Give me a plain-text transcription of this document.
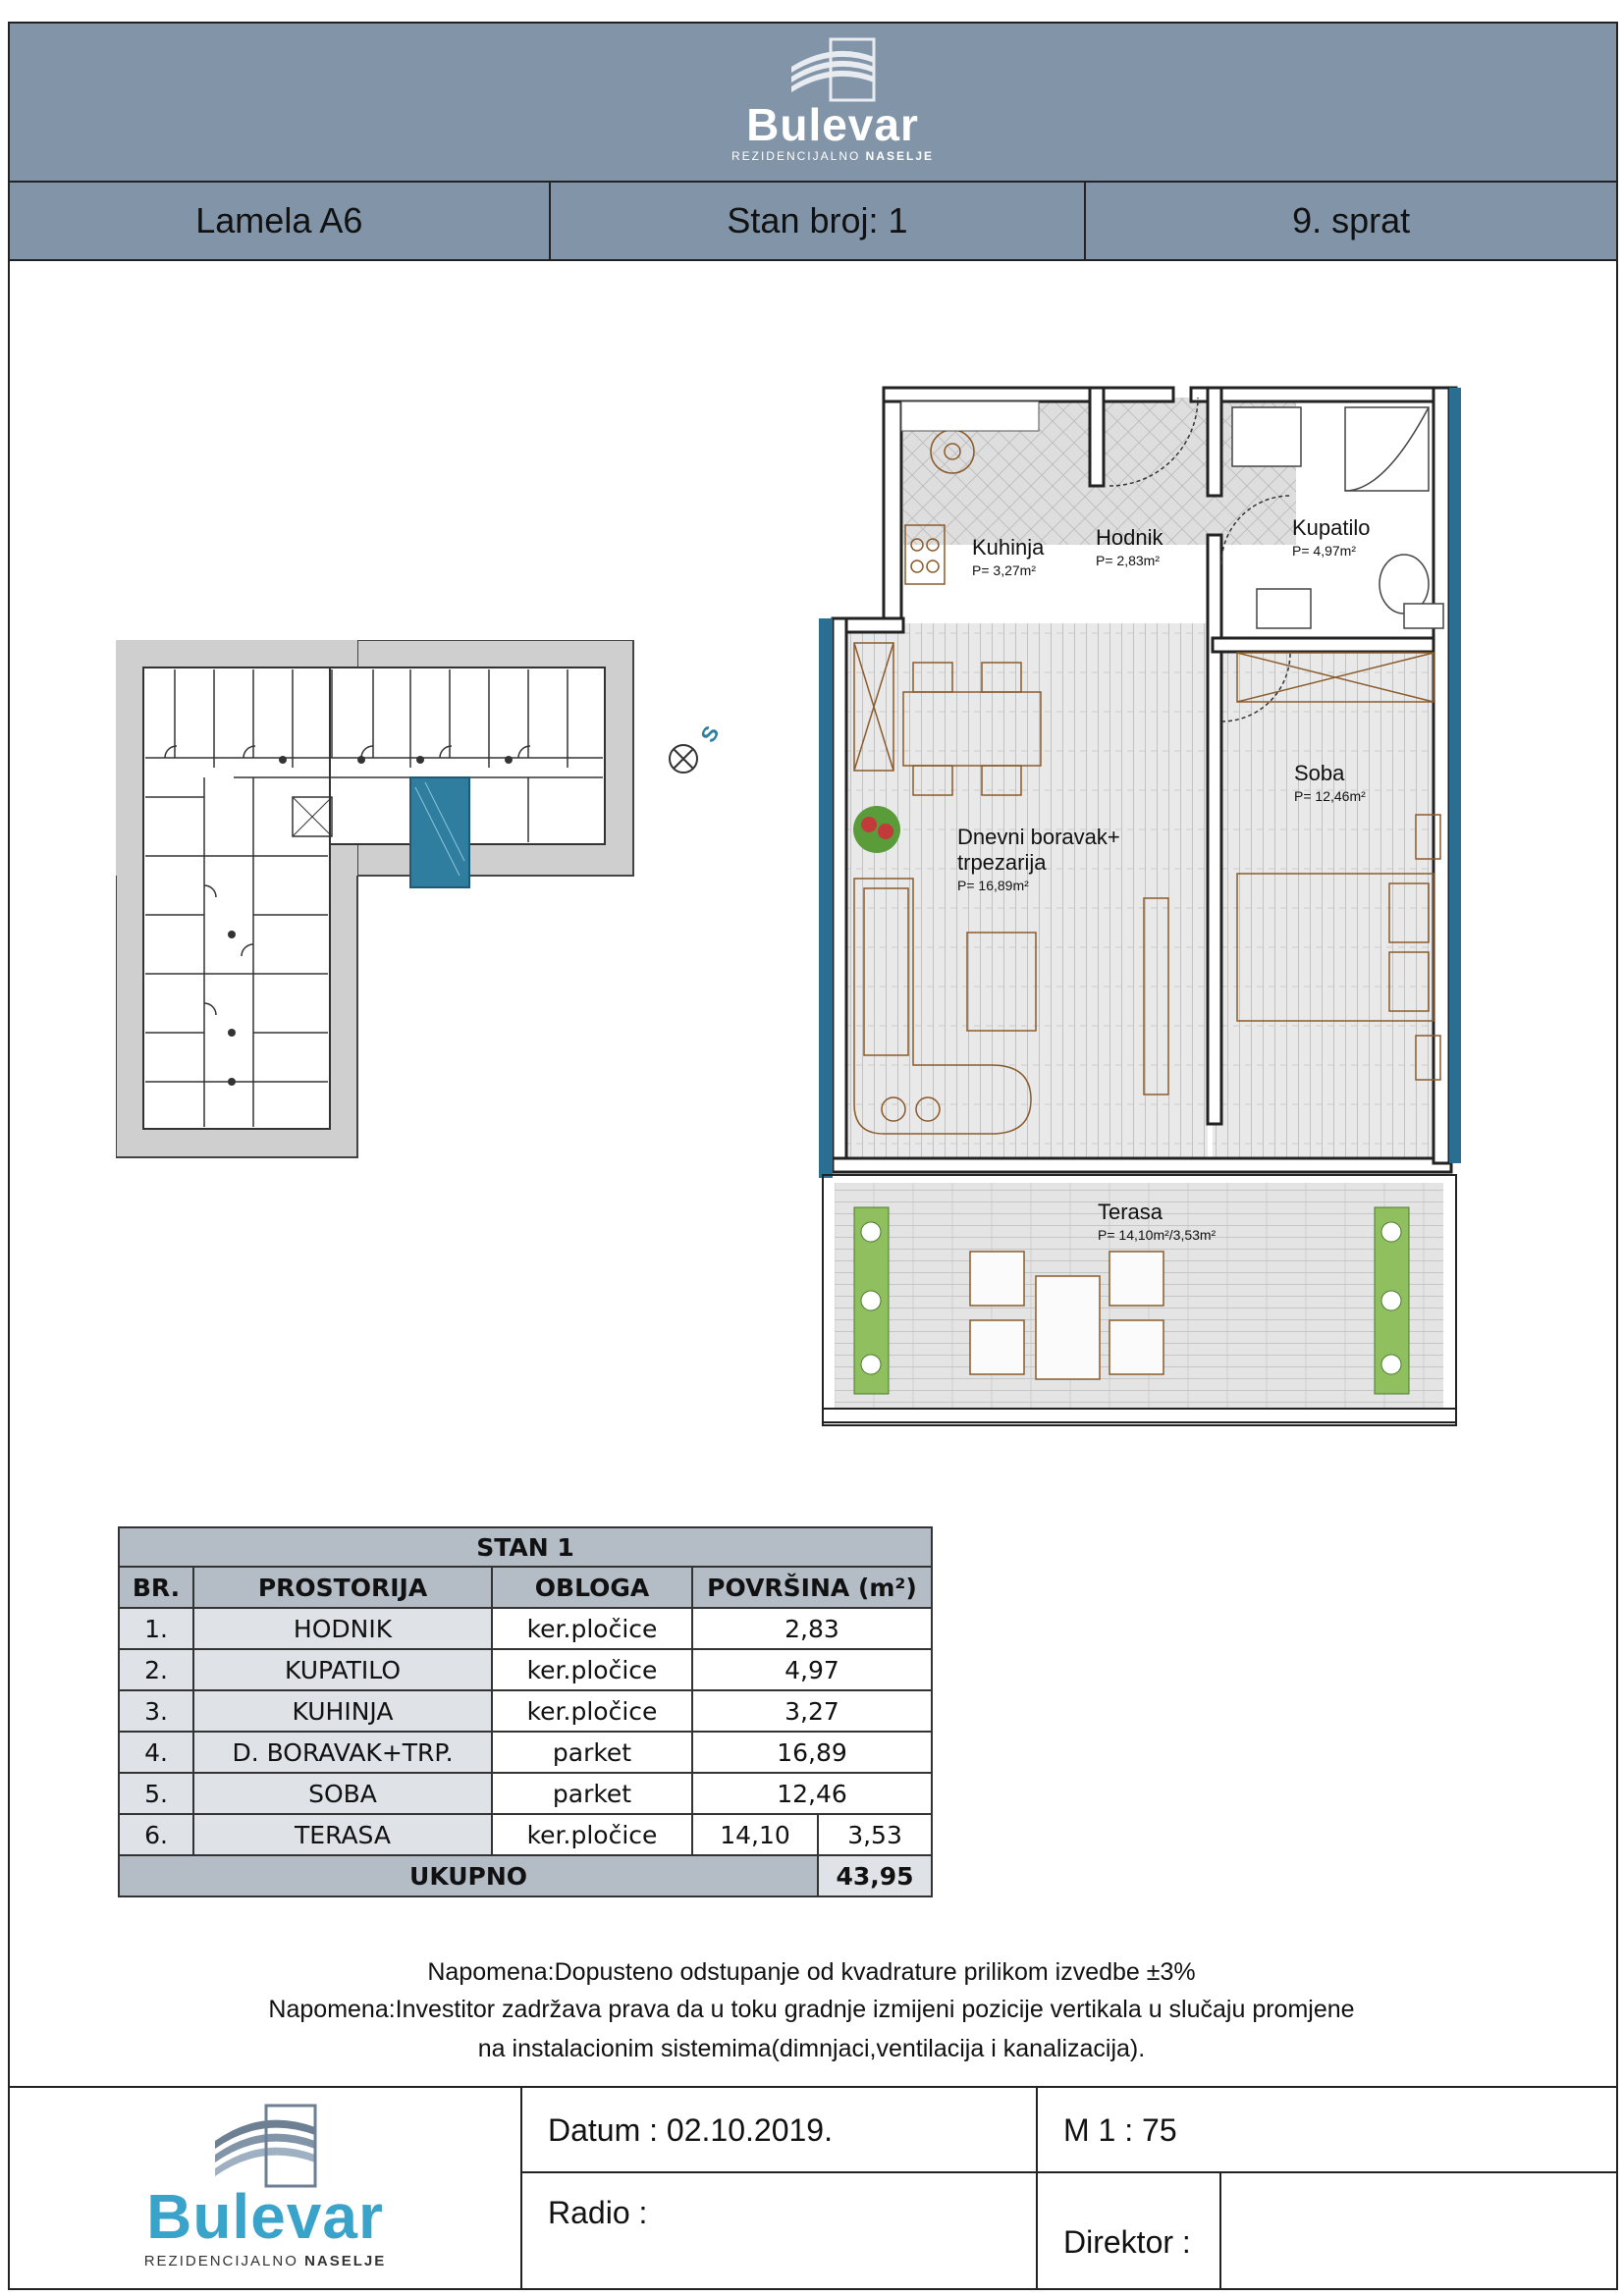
Bulevar
REZIDENCIJALNO NASELJE
Lamela A6	Stan broj: 1	9. sprat
S
Kuhinja
P= 3,27m²
Hodnik
P= 2,83m²
Kupatilo
P= 4,97m²
Soba
P= 12,46m²
Dnevni boravak+
trpezarija
P= 16,89m²
Terasa
P= 14,10m²/3,53m²
STAN 1				
BR.	PROSTORIJA	OBLOGA	POVRŠINA (m²)	
1.	HODNIK	ker.pločice	2,83	
2.	KUPATILO	ker.pločice	4,97	
3.	KUHINJA	ker.pločice	3,27	
4.	D. BORAVAK+TRP.	parket	16,89	
5.	SOBA	parket	12,46	
6.	TERASA	ker.pločice	14,10	3,53
UKUPNO				43,95
Napomena:Dopusteno odstupanje od kvadrature prilikom izvedbe ±3%
Napomena:Investitor zadržava prava da u toku gradnje izmijeni pozicije vertikala u slučaju promjene
na instalacionim sistemima(dimnjaci,ventilacija i kanalizacija).
Bulevar
REZIDENCIJALNO NASELJE
Datum : 02.10.2019.	M 1 : 75
Radio :
Direktor :
